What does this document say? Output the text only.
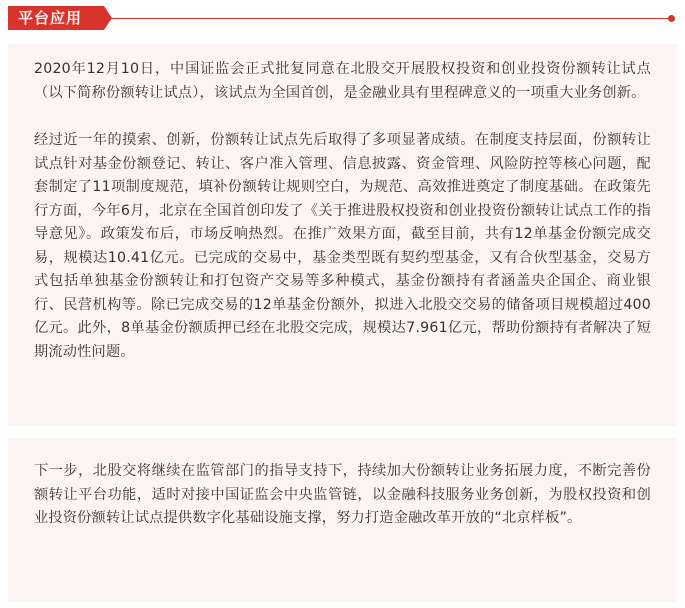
平台应用

2020年12月10日，中国证监会正式批复同意在北股交开展股权投资和创业投资份额转让试点（以下简称份额转让试点），该试点为全国首创，是金融业具有里程碑意义的一项重大业务创新。

经过近一年的摸索、创新，份额转让试点先后取得了多项显著成绩。在制度支持层面，份额转让试点针对基金份额登记、转让、客户准入管理、信息披露、资金管理、风险防控等核心问题，配套制定了11项制度规范，填补份额转让规则空白，为规范、高效推进奠定了制度基础。在政策先行方面，今年6月，北京在全国首创印发了《关于推进股权投资和创业投资份额转让试点工作的指导意见》。政策发布后，市场反响热烈。在推广效果方面，截至目前，共有12单基金份额完成交易，规模达10.41亿元。已完成的交易中，基金类型既有契约型基金，又有合伙型基金，交易方式包括单独基金份额转让和打包资产交易等多种模式，基金份额持有者涵盖央企国企、商业银行、民营机构等。除已完成交易的12单基金份额外，拟进入北股交交易的储备项目规模超过400亿元。此外，8单基金份额质押已经在北股交完成，规模达7.961亿元，帮助份额持有者解决了短期流动性问题。

下一步，北股交将继续在监管部门的指导支持下，持续加大份额转让业务拓展力度，不断完善份额转让平台功能，适时对接中国证监会中央监管链，以金融科技服务业务创新，为股权投资和创业投资份额转让试点提供数字化基础设施支撑，努力打造金融改革开放的“北京样板”。
